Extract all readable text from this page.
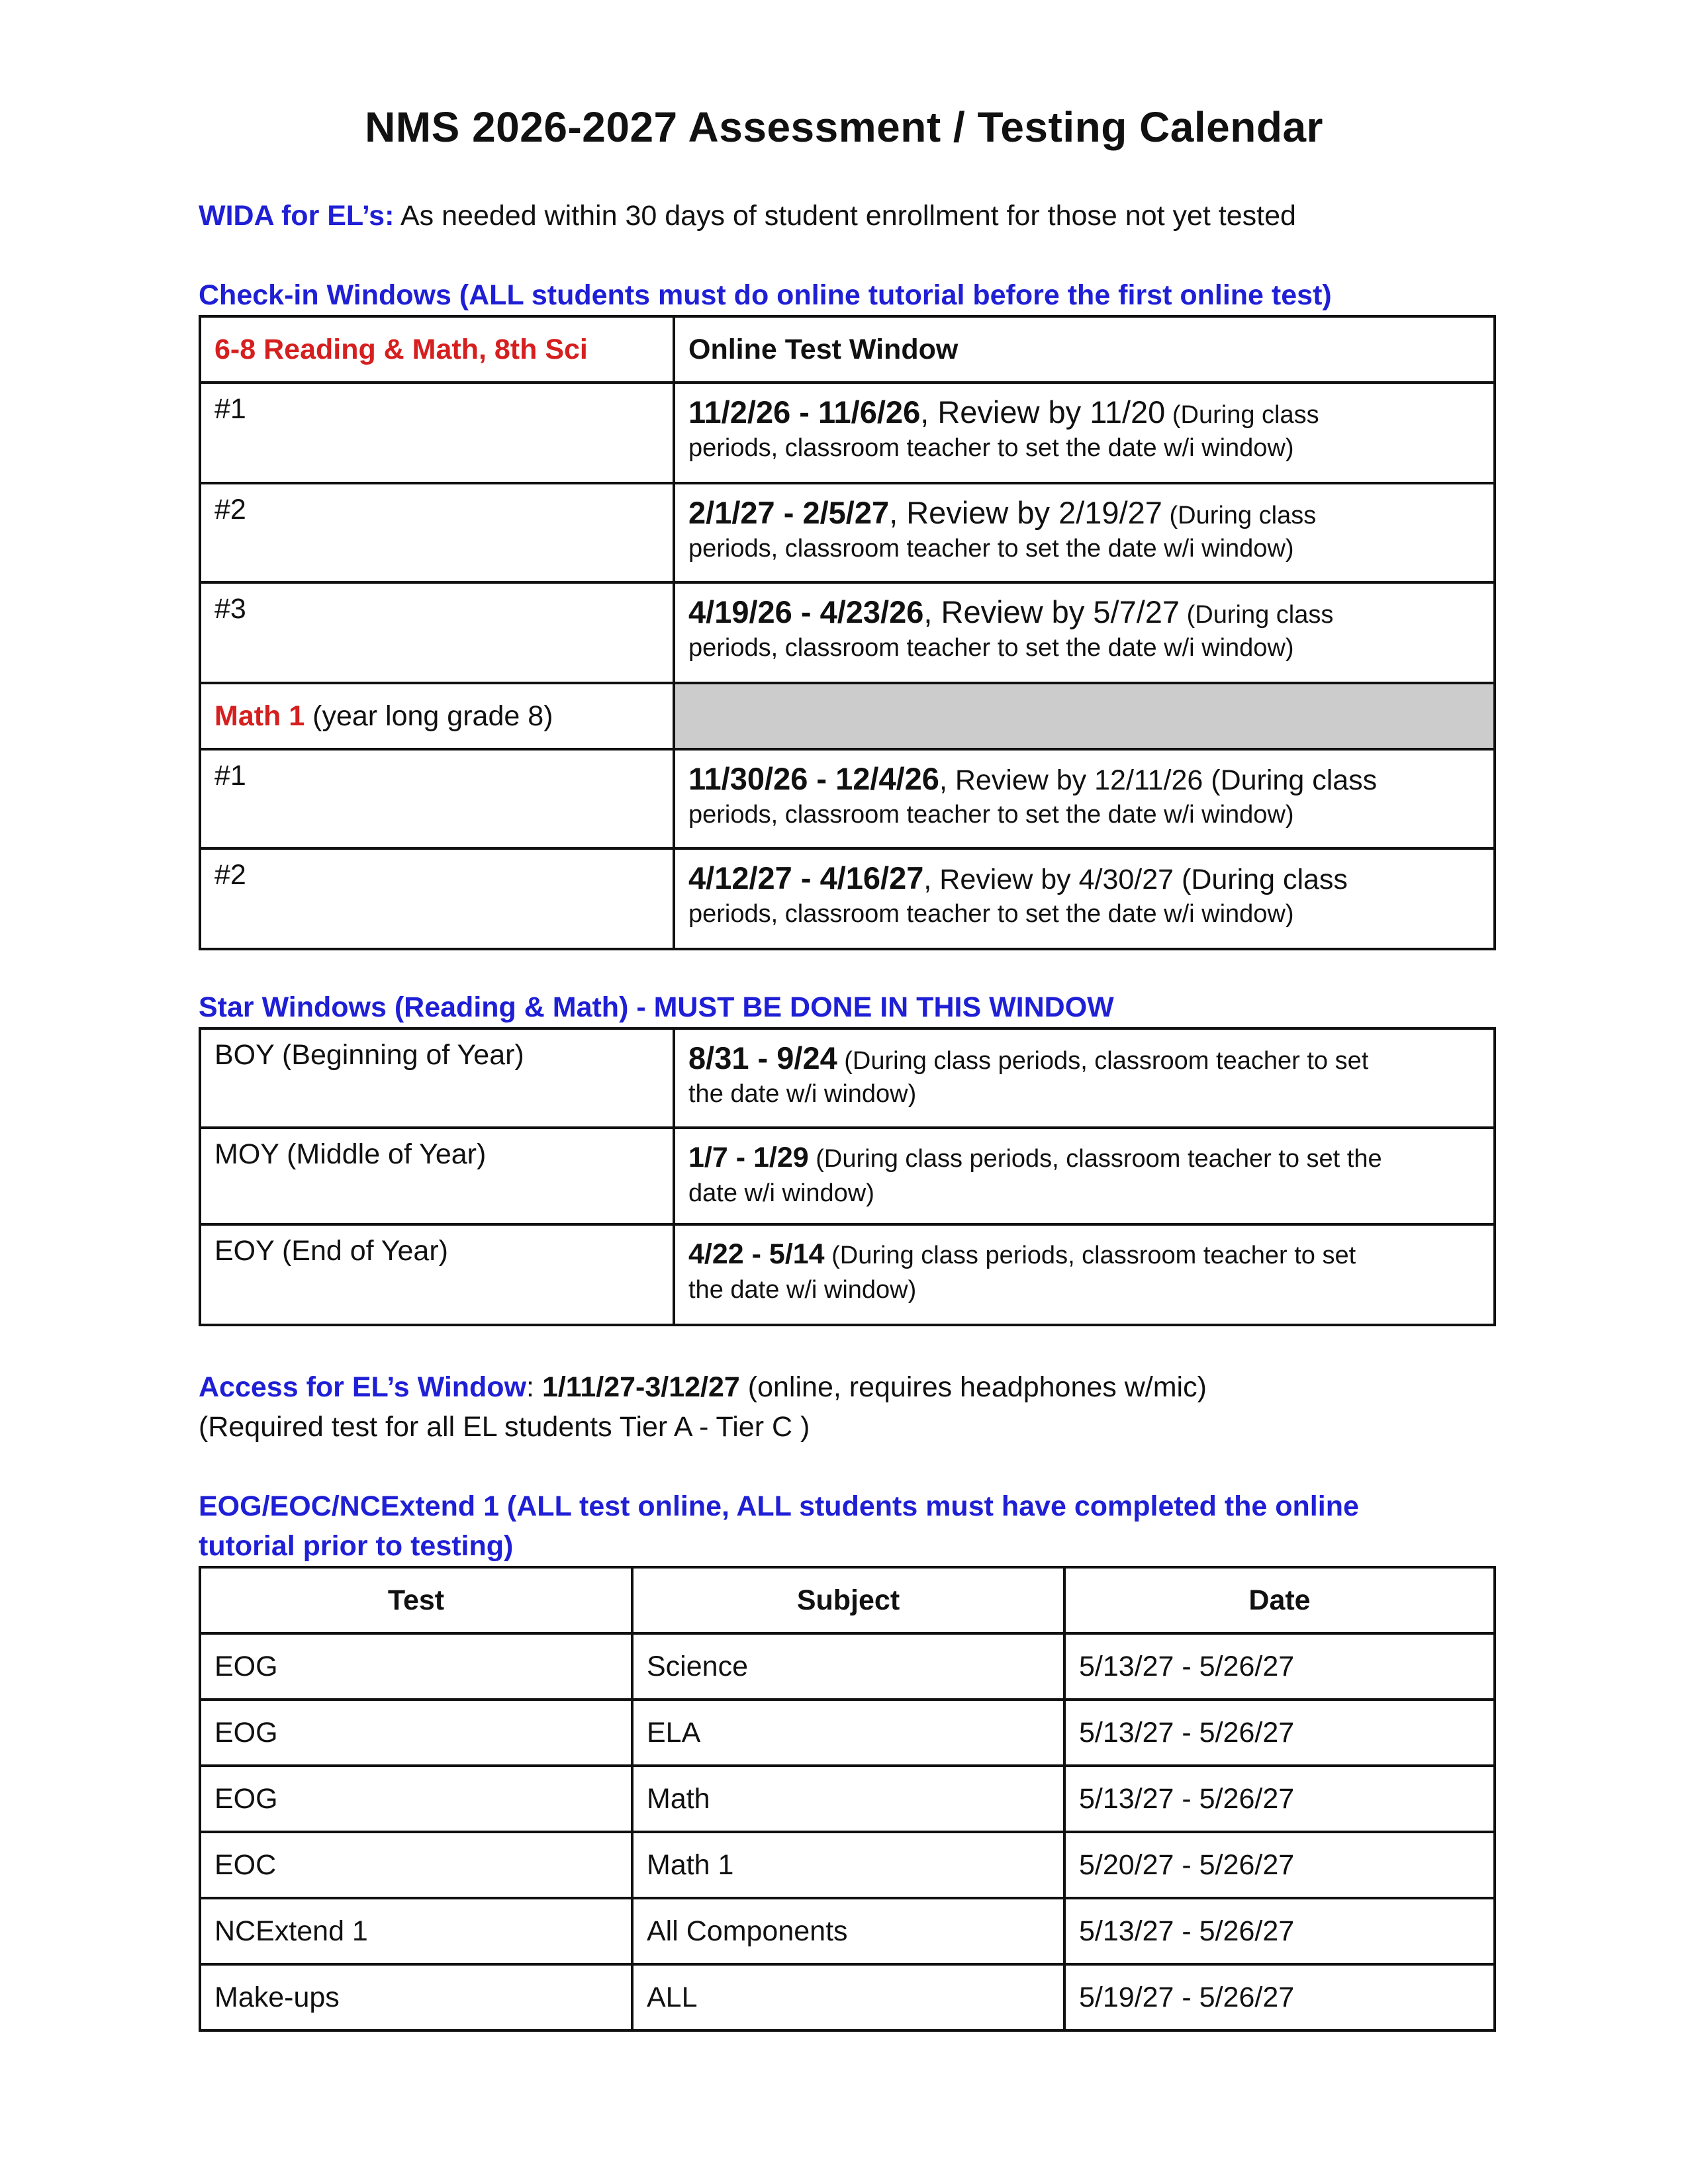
NMS 2026-2027 Assessment / Testing Calendar
WIDA for EL’s: As needed within 30 days of student enrollment for those not yet tested
Check-in Windows (ALL students must do online tutorial before the first online test)
6-8 Reading & Math, 8th Sci	Online Test Window
#1	11/2/26 - 11/6/26, Review by 11/20 (During class
periods, classroom teacher to set the date w/i window)

#2	2/1/27 - 2/5/27, Review by 2/19/27 (During class
periods, classroom teacher to set the date w/i window)

#3	4/19/26 - 4/23/26, Review by 5/7/27 (During class
periods, classroom teacher to set the date w/i window)

Math 1 (year long grade 8)	
#1	11/30/26 - 12/4/26, Review by 12/11/26 (During class
periods, classroom teacher to set the date w/i window)

#2	4/12/27 - 4/16/27, Review by 4/30/27 (During class
periods, classroom teacher to set the date w/i window)
Star Windows (Reading & Math) - MUST BE DONE IN THIS WINDOW
BOY (Beginning of Year)	8/31 - 9/24 (During class periods, classroom teacher to set
the date w/i window)

MOY (Middle of Year)	1/7 - 1/29 (During class periods, classroom teacher to set the
date w/i window)

EOY (End of Year)	4/22 - 5/14 (During class periods, classroom teacher to set
the date w/i window)
Access for EL’s Window: 1/11/27-3/12/27 (online, requires headphones w/mic)
(Required test for all EL students Tier A - Tier C )
EOG/EOC/NCExtend 1 (ALL test online, ALL students must have completed the online
tutorial prior to testing)
Test	Subject	Date
EOG	Science	5/13/27 - 5/26/27
EOG	ELA	5/13/27 - 5/26/27
EOG	Math	5/13/27 - 5/26/27
EOC	Math 1	5/20/27 - 5/26/27
NCExtend 1	All Components	5/13/27 - 5/26/27
Make-ups	ALL	5/19/27 - 5/26/27
